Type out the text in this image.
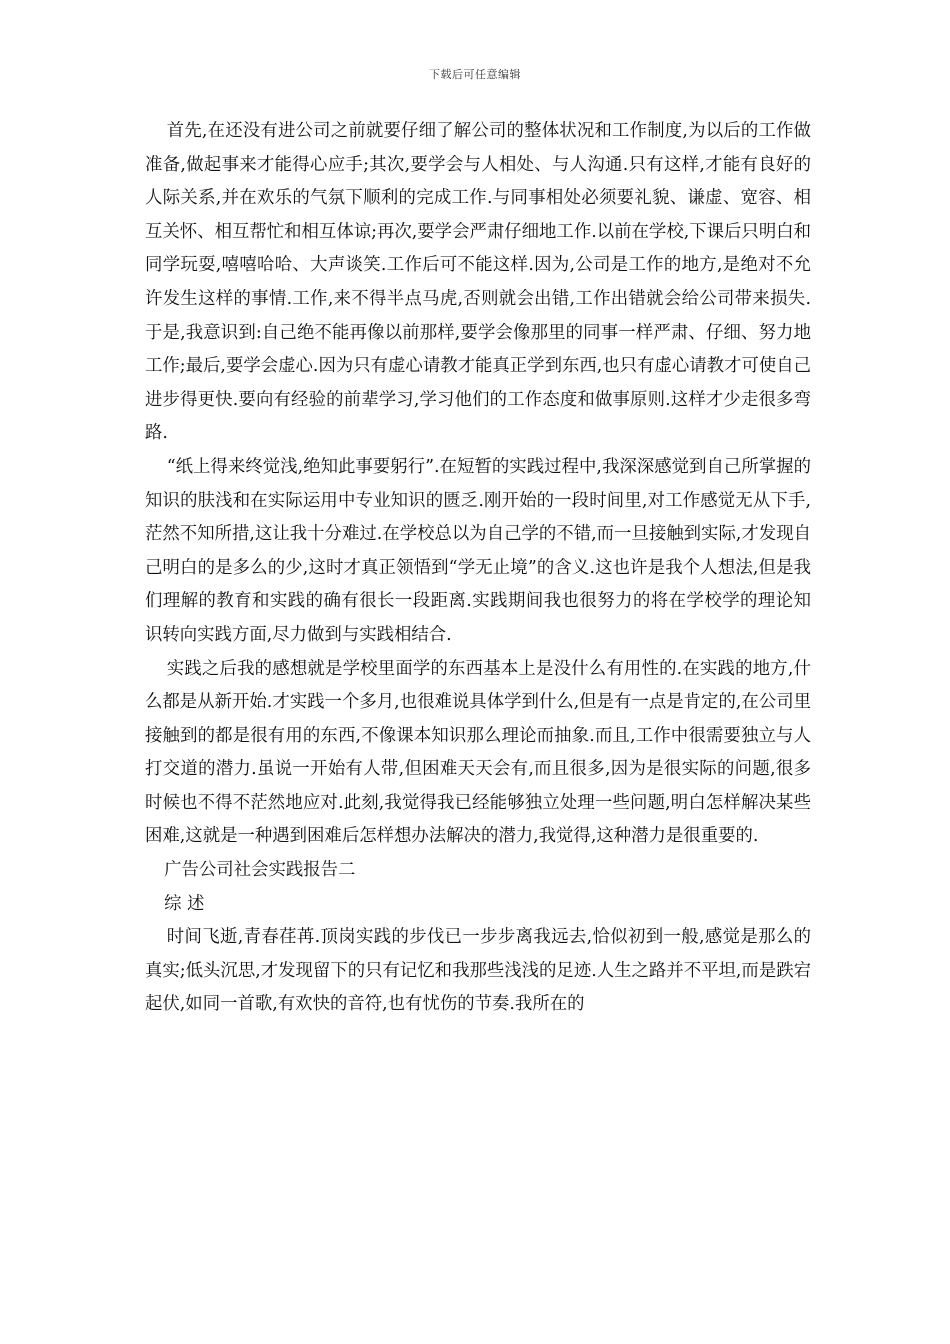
下载后可任意编辑

首先,在还没有进公司之前就要仔细了解公司的整体状况和工作制度,为以后的工作做准备,做起事来才能得心应手;其次,要学会与人相处、与人沟通.只有这样,才能有良好的人际关系,并在欢乐的气氛下顺利的完成工作.与同事相处必须要礼貌、谦虚、宽容、相互关怀、相互帮忙和相互体谅;再次,要学会严肃仔细地工作.以前在学校,下课后只明白和同学玩耍,嘻嘻哈哈、大声谈笑.工作后可不能这样.因为,公司是工作的地方,是绝对不允许发生这样的事情.工作,来不得半点马虎,否则就会出错,工作出错就会给公司带来损失.于是,我意识到:自己绝不能再像以前那样,要学会像那里的同事一样严肃、仔细、努力地工作;最后,要学会虚心.因为只有虚心请教才能真正学到东西,也只有虚心请教才可使自己进步得更快.要向有经验的前辈学习,学习他们的工作态度和做事原则.这样才少走很多弯路.

“纸上得来终觉浅,绝知此事要躬行”.在短暂的实践过程中,我深深感觉到自己所掌握的知识的肤浅和在实际运用中专业知识的匮乏.刚开始的一段时间里,对工作感觉无从下手,茫然不知所措,这让我十分难过.在学校总以为自己学的不错,而一旦接触到实际,才发现自己明白的是多么的少,这时才真正领悟到“学无止境”的含义.这也许是我个人想法,但是我们理解的教育和实践的确有很长一段距离.实践期间我也很努力的将在学校学的理论知识转向实践方面,尽力做到与实践相结合.

实践之后我的感想就是学校里面学的东西基本上是没什么有用性的.在实践的地方,什么都是从新开始.才实践一个多月,也很难说具体学到什么,但是有一点是肯定的,在公司里接触到的都是很有用的东西,不像课本知识那么理论而抽象.而且,工作中很需要独立与人打交道的潜力.虽说一开始有人带,但困难天天会有,而且很多,因为是很实际的问题,很多时候也不得不茫然地应对.此刻,我觉得我已经能够独立处理一些问题,明白怎样解决某些困难,这就是一种遇到困难后怎样想办法解决的潜力,我觉得,这种潜力是很重要的.

广告公司社会实践报告二

综 述

时间飞逝,青春荏苒.顶岗实践的步伐已一步步离我远去,恰似初到一般,感觉是那么的真实;低头沉思,才发现留下的只有记忆和我那些浅浅的足迹.人生之路并不平坦,而是跌宕起伏,如同一首歌,有欢快的音符,也有忧伤的节奏.我所在的
